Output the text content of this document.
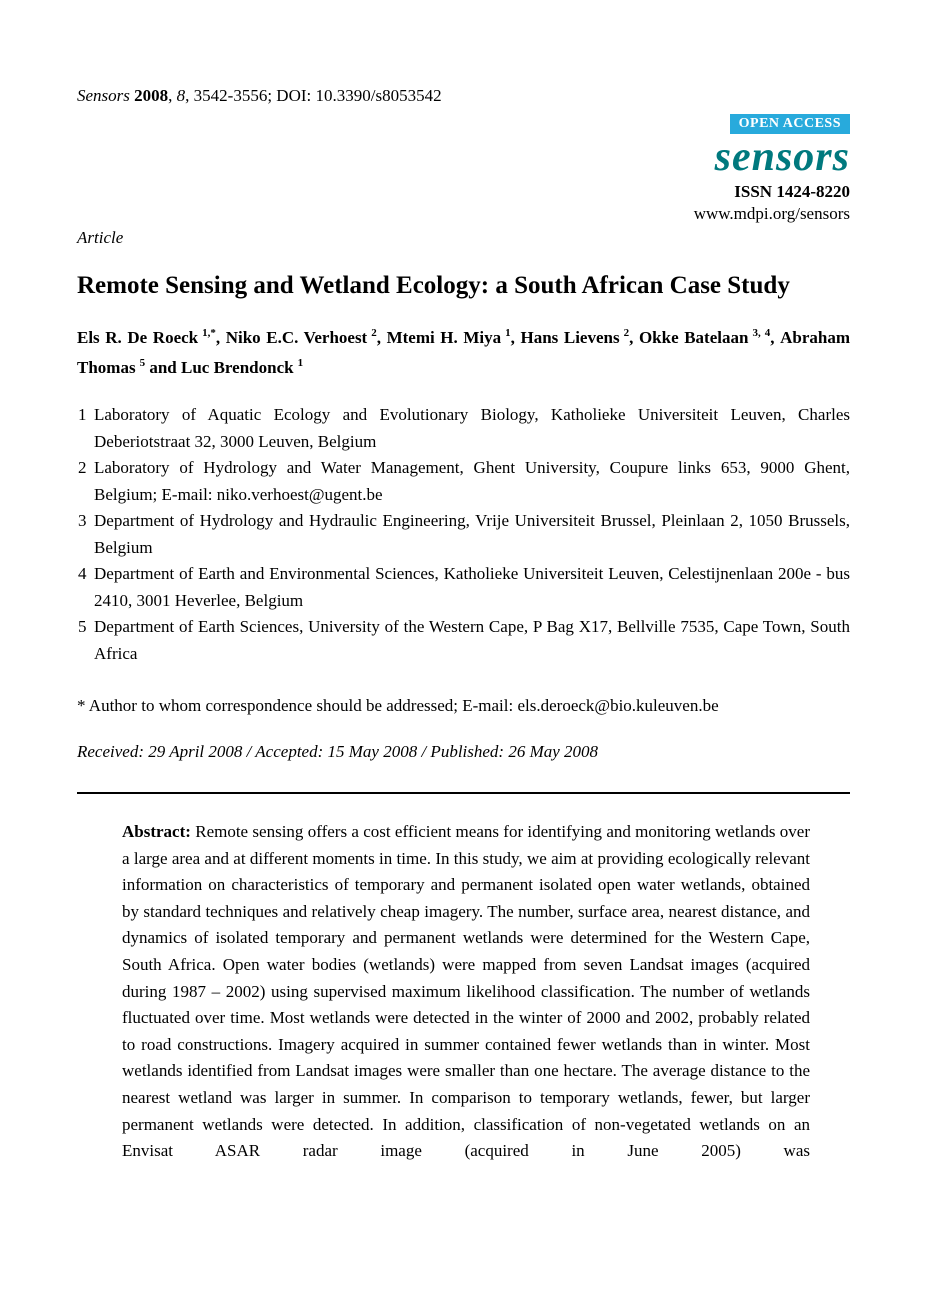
Sensors 2008, 8, 3542-3556; DOI: 10.3390/s8053542
OPEN ACCESS
sensors
ISSN 1424-8220
www.mdpi.org/sensors
Article
Remote Sensing and Wetland Ecology: a South African Case Study

Els R. De Roeck $^{1,*}$, Niko E.C. Verhoest $^2$, Mtemi H. Miya $^1$, Hans Lievens $^2$, Okke Batelaan $^{3, 4}$, Abraham Thomas $^5$ and Luc Brendonck $^1$

1 Laboratory of Aquatic Ecology and Evolutionary Biology, Katholieke Universiteit Leuven, Charles Deberiotstraat 32, 3000 Leuven, Belgium
2 Laboratory of Hydrology and Water Management, Ghent University, Coupure links 653, 9000 Ghent, Belgium; E-mail: niko.verhoest@ugent.be
3 Department of Hydrology and Hydraulic Engineering, Vrije Universiteit Brussel, Pleinlaan 2, 1050 Brussels, Belgium
4 Department of Earth and Environmental Sciences, Katholieke Universiteit Leuven, Celestijnenlaan 200e - bus 2410, 3001 Heverlee, Belgium
5 Department of Earth Sciences, University of the Western Cape, P Bag X17, Bellville 7535, Cape Town, South Africa

* Author to whom correspondence should be addressed; E-mail: els.deroeck@bio.kuleuven.be

Received: 29 April 2008 / Accepted: 15 May 2008 / Published: 26 May 2008

Abstract: Remote sensing offers a cost efficient means for identifying and monitoring wetlands over a large area and at different moments in time. In this study, we aim at providing ecologically relevant information on characteristics of temporary and permanent isolated open water wetlands, obtained by standard techniques and relatively cheap imagery. The number, surface area, nearest distance, and dynamics of isolated temporary and permanent wetlands were determined for the Western Cape, South Africa. Open water bodies (wetlands) were mapped from seven Landsat images (acquired during 1987 – 2002) using supervised maximum likelihood classification. The number of wetlands fluctuated over time. Most wetlands were detected in the winter of 2000 and 2002, probably related to road constructions. Imagery acquired in summer contained fewer wetlands than in winter. Most wetlands identified from Landsat images were smaller than one hectare. The average distance to the nearest wetland was larger in summer. In comparison to temporary wetlands, fewer, but larger permanent wetlands were detected. In addition, classification of non-vegetated wetlands on an Envisat ASAR radar image (acquired in June 2005) was
